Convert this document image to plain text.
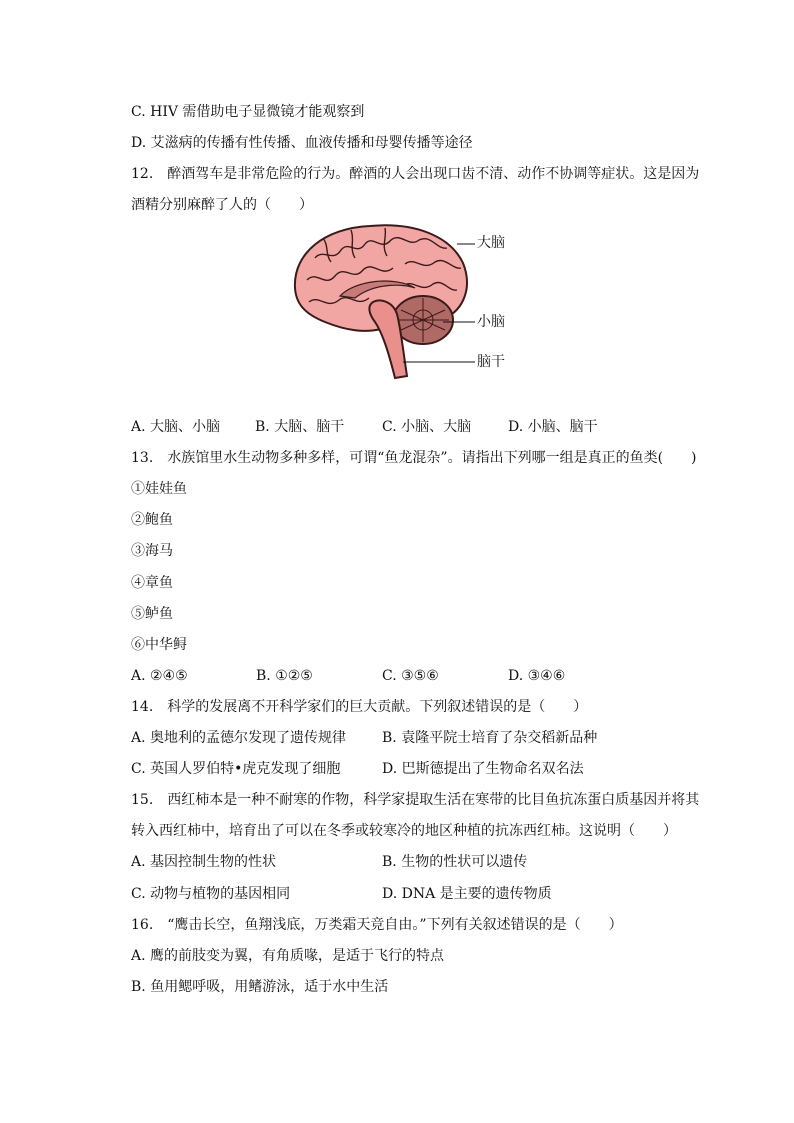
C. HIV 需借助电子显微镜才能观察到
D. 艾滋病的传播有性传播、血液传播和母婴传播等途径
12.　醉酒驾车是非常危险的行为。醉酒的人会出现口齿不清、动作不协调等症状。这是因为
酒精分别麻醉了人的（　　）
大脑
小脑
脑干
A. 大脑、小脑 B. 大脑、脑干	C. 小脑、大脑	D. 小脑、脑干
13.　水族馆里水生动物多种多样，可谓“鱼龙混杂”。请指出下列哪一组是真正的鱼类(　　)
①娃娃鱼
②鲍鱼
③海马
④章鱼
⑤鲈鱼
⑥中华鲟
A. ②④⑤	B. ①②⑤	C. ③⑤⑥	D. ③④⑥
14.　科学的发展离不开科学家们的巨大贡献。下列叙述错误的是（　　）
A. 奥地利的孟德尔发现了遗传规律	B. 袁隆平院士培育了杂交稻新品种
C. 英国人罗伯特•虎克发现了细胞	D. 巴斯德提出了生物命名双名法
15.　西红柿本是一种不耐寒的作物，科学家提取生活在寒带的比目鱼抗冻蛋白质基因并将其
转入西红柿中，培育出了可以在冬季或较寒冷的地区种植的抗冻西红柿。这说明（　　）
A. 基因控制生物的性状	B. 生物的性状可以遗传
C. 动物与植物的基因相同	D. DNA 是主要的遗传物质
16.　“鹰击长空，鱼翔浅底，万类霜天竞自由。”下列有关叙述错误的是（　　）
A. 鹰的前肢变为翼，有角质喙，是适于飞行的特点
B. 鱼用鳃呼吸，用鳍游泳，适于水中生活
